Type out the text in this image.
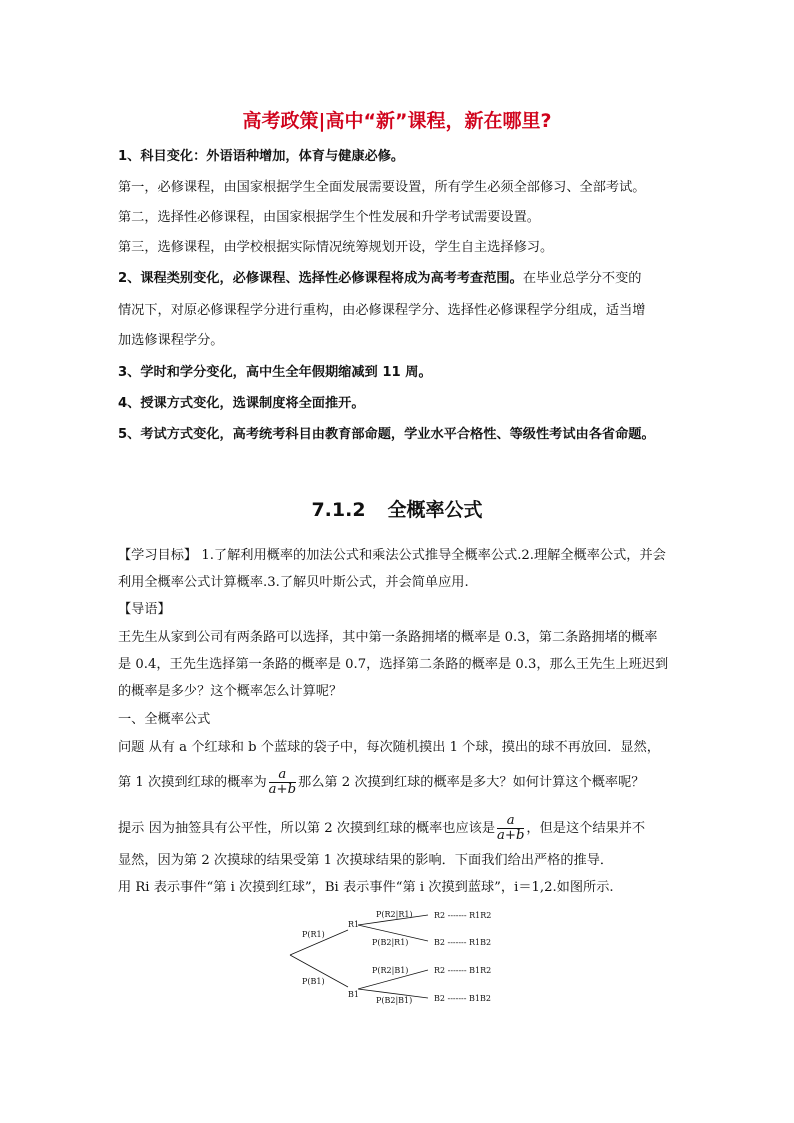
高考政策|高中“新”课程，新在哪里?
1、科目变化：外语语种增加，体育与健康必修。
第一，必修课程，由国家根据学生全面发展需要设置，所有学生必须全部修习、全部考试。
第二，选择性必修课程，由国家根据学生个性发展和升学考试需要设置。
第三，选修课程，由学校根据实际情况统筹规划开设，学生自主选择修习。
2、课程类别变化，必修课程、选择性必修课程将成为高考考查范围。在毕业总学分不变的
情况下，对原必修课程学分进行重构，由必修课程学分、选择性必修课程学分组成，适当增
加选修课程学分。
3、学时和学分变化，高中生全年假期缩减到 11 周。
4、授课方式变化，选课制度将全面推开。
5、考试方式变化，高考统考科目由教育部命题，学业水平合格性、等级性考试由各省命题。
7.1.2 全概率公式
【学习目标】 1.了解利用概率的加法公式和乘法公式推导全概率公式.2.理解全概率公式，并会
利用全概率公式计算概率.3.了解贝叶斯公式，并会简单应用.
【导语】
王先生从家到公司有两条路可以选择，其中第一条路拥堵的概率是 0.3，第二条路拥堵的概率
是 0.4，王先生选择第一条路的概率是 0.7，选择第二条路的概率是 0.3，那么王先生上班迟到
的概率是多少？这个概率怎么计算呢？
一、全概率公式
问题 从有 a 个红球和 b 个蓝球的袋子中，每次随机摸出 1 个球，摸出的球不再放回．显然，
第 1 次摸到红球的概率为 $\frac{a}{a+b}$ 那么第 2 次摸到红球的概率是多大？如何计算这个概率呢？
提示 因为抽签具有公平性，所以第 2 次摸到红球的概率也应该是 $\frac{a}{a+b}$ ，但是这个结果并不
显然，因为第 2 次摸球的结果受第 1 次摸球结果的影响．下面我们给出严格的推导．
用 Ri 表示事件“第 i 次摸到红球”，Bi 表示事件“第 i 次摸到蓝球”，i＝1,2.如图所示.
P(R1)
P(B1)
R1
B1
P(R2|R1)
P(B2|R1)
P(R2|B1)
P(B2|B1)
R2 ------- R1R2
B2 ------- R1B2
R2 ------- B1R2
B2 ------- B1B2
